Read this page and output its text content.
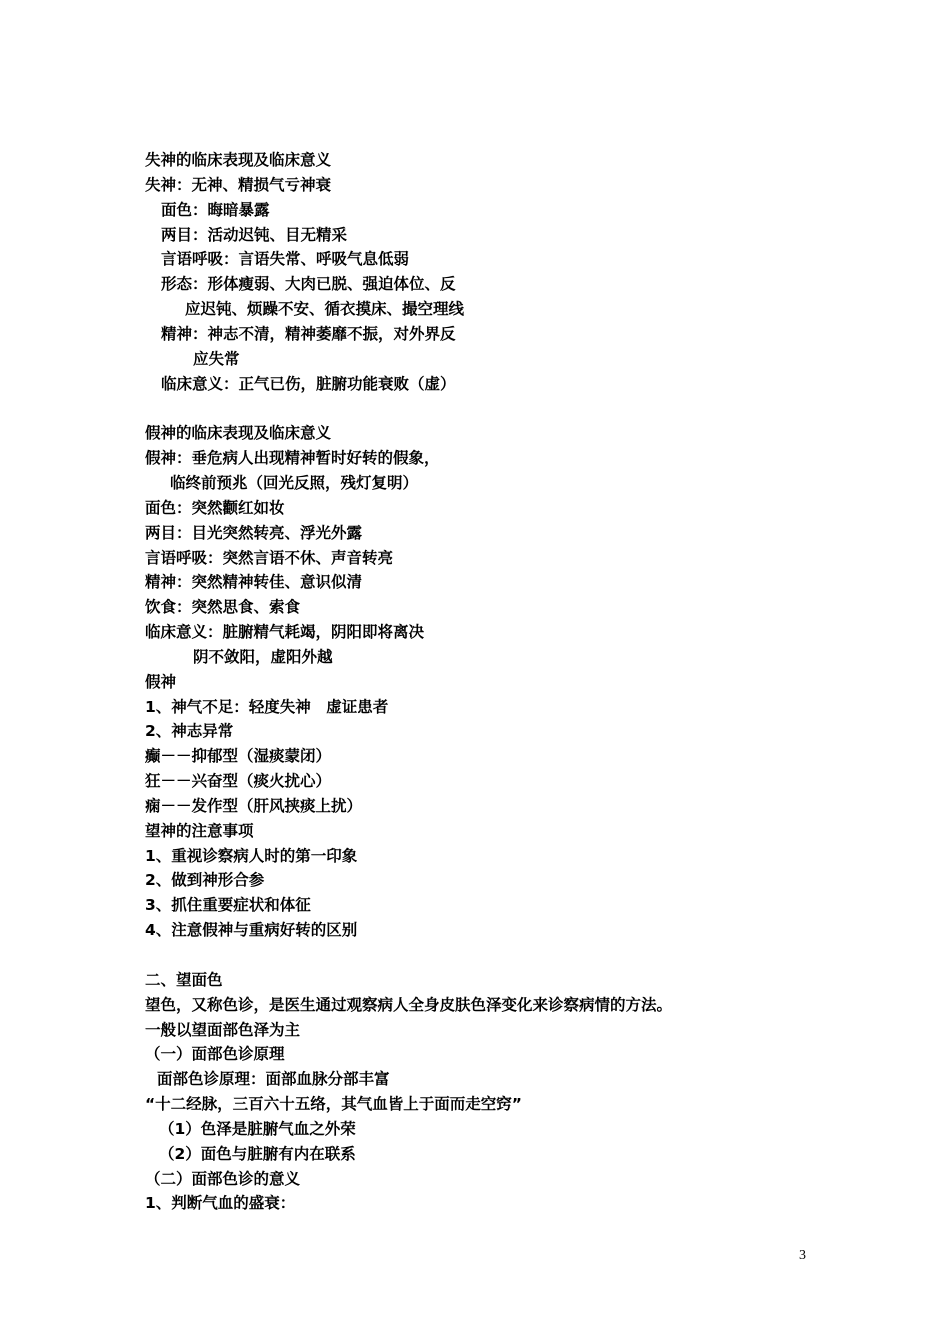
失神的临床表现及临床意义
失神：无神、精损气亏神衰
面色：晦暗暴露
两目：活动迟钝、目无精采
言语呼吸：言语失常、呼吸气息低弱
形态：形体瘦弱、大肉已脱、强迫体位、反
应迟钝、烦躁不安、循衣摸床、撮空理线
精神：神志不清，精神萎靡不振，对外界反
应失常
临床意义：正气已伤，脏腑功能衰败（虚）
假神的临床表现及临床意义
假神：垂危病人出现精神暂时好转的假象，
临终前预兆（回光反照，残灯复明）
面色：突然颧红如妆
两目：目光突然转亮、浮光外露
言语呼吸：突然言语不休、声音转亮
精神：突然精神转佳、意识似清
饮食：突然思食、索食
临床意义：脏腑精气耗竭，阴阳即将离决
阴不敛阳，虚阳外越
假神
1、神气不足：轻度失神　虚证患者
2、神志异常
癫－－抑郁型（湿痰蒙闭）
狂－－兴奋型（痰火扰心）
痫－－发作型（肝风挟痰上扰）
望神的注意事项
1、重视诊察病人时的第一印象
2、做到神形合参
3、抓住重要症状和体征
4、注意假神与重病好转的区别
二、望面色
望色，又称色诊，是医生通过观察病人全身皮肤色泽变化来诊察病情的方法。
一般以望面部色泽为主
（一）面部色诊原理
面部色诊原理：面部血脉分部丰富
“十二经脉，三百六十五络，其气血皆上于面而走空窍”
（1）色泽是脏腑气血之外荣
（2）面色与脏腑有内在联系
（二）面部色诊的意义
1、判断气血的盛衰：
3
